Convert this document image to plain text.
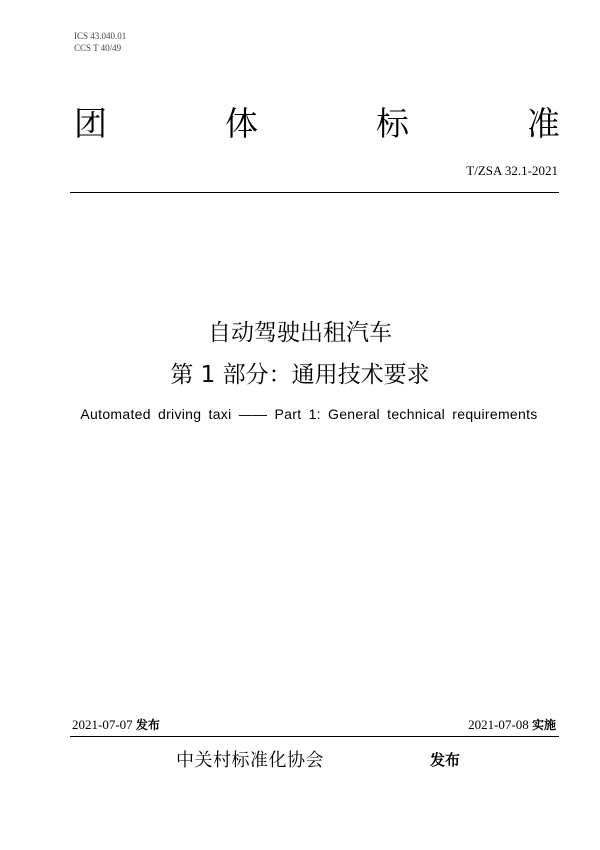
ICS 43.040.01
CCS T 40/49
团	体	标	准
T/ZSA 32.1-2021
自动驾驶出租汽车
第 1 部分：通用技术要求
Automated driving taxi —— Part 1: General technical requirements
2021-07-07 发布	2021-07-08 实施
中关村标准化协会	发布
